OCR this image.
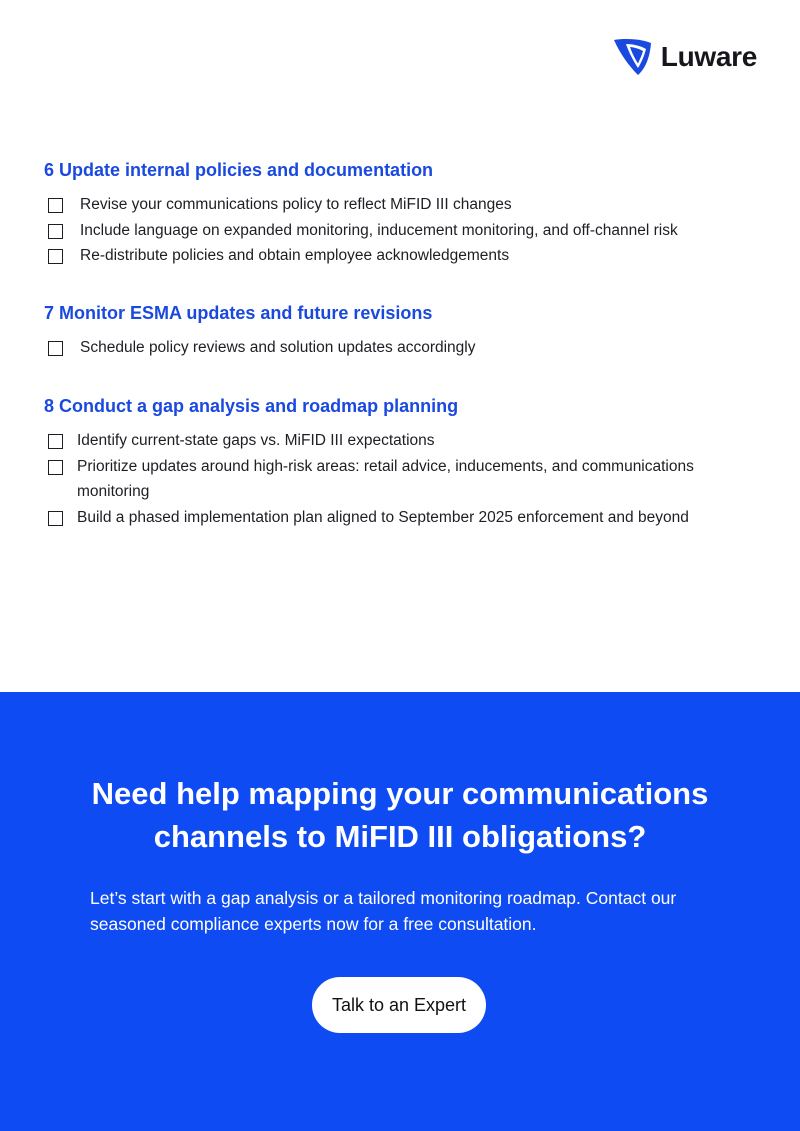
Luware
6 Update internal policies and documentation
Revise your communications policy to reflect MiFID III changes
Include language on expanded monitoring, inducement monitoring, and off-channel risk
Re-distribute policies and obtain employee acknowledgements
7 Monitor ESMA updates and future revisions
Schedule policy reviews and solution updates accordingly
8 Conduct a gap analysis and roadmap planning
Identify current-state gaps vs. MiFID III expectations
Prioritize updates around high-risk areas: retail advice, inducements, and communications monitoring
Build a phased implementation plan aligned to September 2025 enforcement and beyond
Need help mapping your communications channels to MiFID III obligations?

Let’s start with a gap analysis or a tailored monitoring roadmap. Contact our seasoned compliance experts now for a free consultation.

Talk to an Expert
